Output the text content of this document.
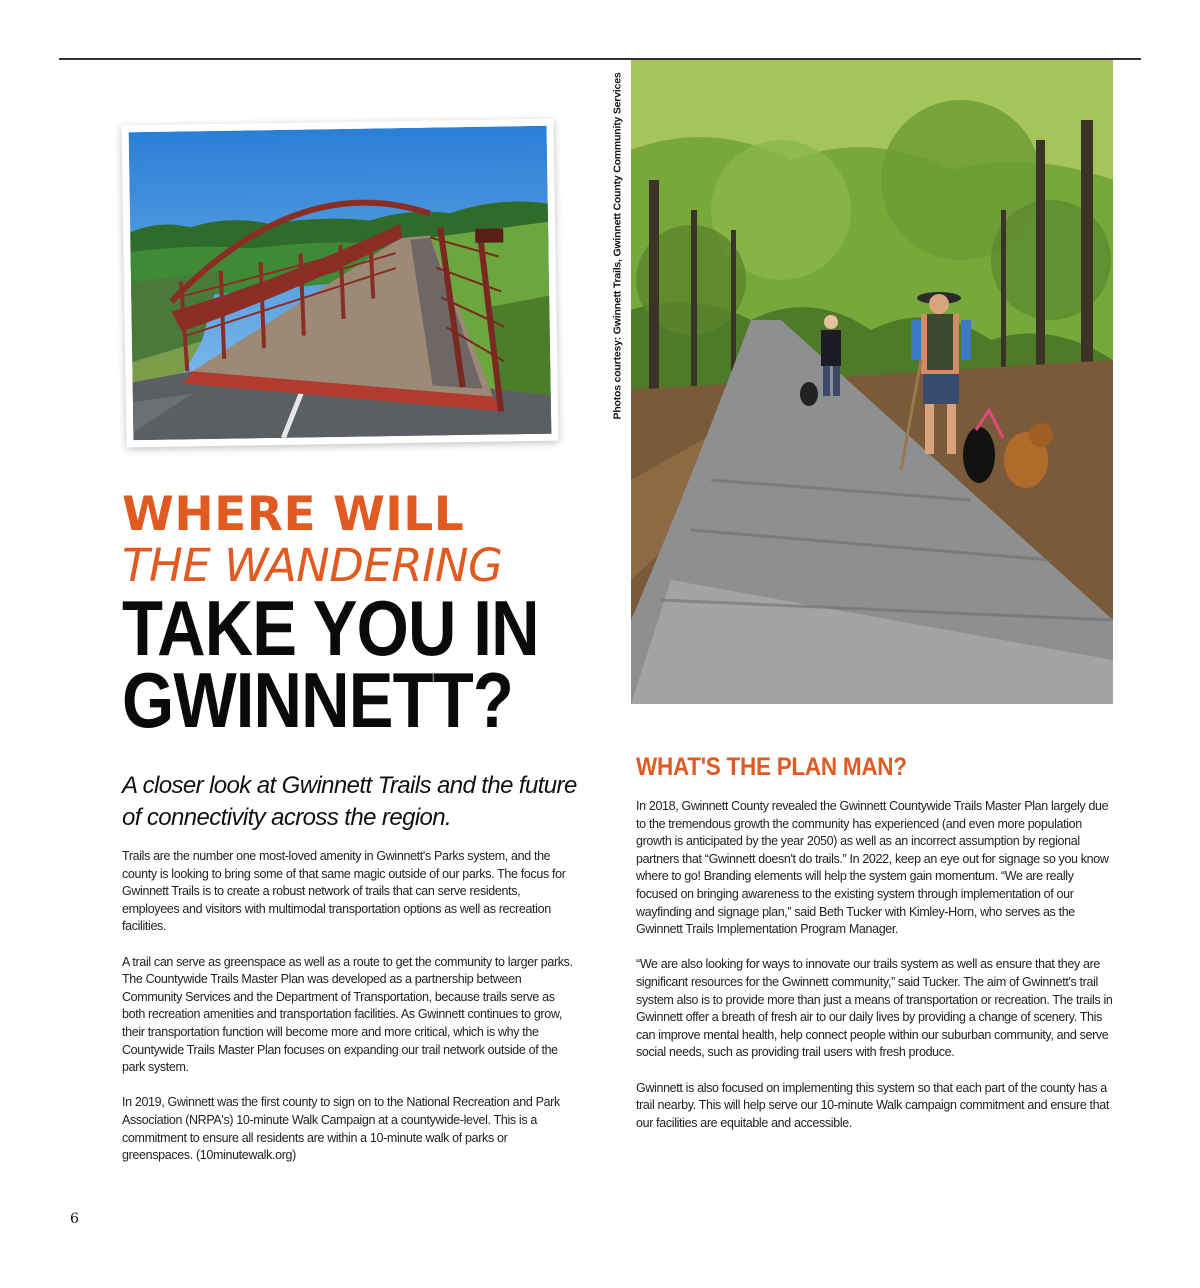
Photos courtesy: Gwinnett Trails, Gwinnett County Community Services
WHERE WILL
THE WANDERING
TAKE YOU IN
GWINNETT?
A closer look at Gwinnett Trails and the future of connectivity across the region.

Trails are the number one most-loved amenity in Gwinnett's Parks system, and the county is looking to bring some of that same magic outside of our parks. The focus for Gwinnett Trails is to create a robust network of trails that can serve residents, employees and visitors with multimodal transportation options as well as recreation facilities.

A trail can serve as greenspace as well as a route to get the community to larger parks. The Countywide Trails Master Plan was developed as a partnership between Community Services and the Department of Transportation, because trails serve as both recreation amenities and transportation facilities. As Gwinnett continues to grow, their transportation function will become more and more critical, which is why the Countywide Trails Master Plan focuses on expanding our trail network outside of the park system.

In 2019, Gwinnett was the first county to sign on to the National Recreation and Park Association (NRPA's) 10-minute Walk Campaign at a countywide-level. This is a commitment to ensure all residents are within a 10-minute walk of parks or greenspaces. (10minutewalk.org)

WHAT'S THE PLAN MAN?

In 2018, Gwinnett County revealed the Gwinnett Countywide Trails Master Plan largely due to the tremendous growth the community has experienced (and even more population growth is anticipated by the year 2050) as well as an incorrect assumption by regional partners that “Gwinnett doesn't do trails.” In 2022, keep an eye out for signage so you know where to go! Branding elements will help the system gain momentum. “We are really focused on bringing awareness to the existing system through implementation of our wayfinding and signage plan,” said Beth Tucker with Kimley-Horn, who serves as the Gwinnett Trails Implementation Program Manager.

“We are also looking for ways to innovate our trails system as well as ensure that they are significant resources for the Gwinnett community,” said Tucker. The aim of Gwinnett's trail system also is to provide more than just a means of transportation or recreation. The trails in Gwinnett offer a breath of fresh air to our daily lives by providing a change of scenery. This can improve mental health, help connect people within our suburban community, and serve social needs, such as providing trail users with fresh produce.

Gwinnett is also focused on implementing this system so that each part of the county has a trail nearby. This will help serve our 10-minute Walk campaign commitment and ensure that our facilities are equitable and accessible.

6
